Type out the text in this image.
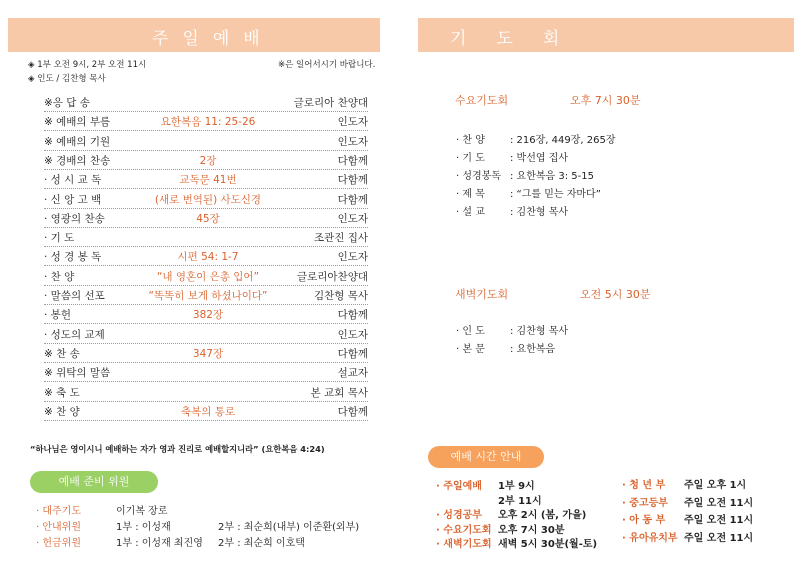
주일예배
◈ 1부 오전 9시, 2부 오전 11시
◈ 인도 / 김찬형 목사
※은 일어서시기 바랍니다.
※응 답 송	글로리아 찬양대
※ 예배의 부름	요한복음 11: 25-26	인도자
※ 예배의 기원	인도자
※ 경배의 찬송	2장	다함께
· 성 시 교 독	교독문 41번	다함께
· 신 앙 고 백	(새로 번역된) 사도신경	다함께
· 영광의 찬송	45장	인도자
· 기 도	조관진 집사
· 성 경 봉 독	시편 54: 1-7	인도자
· 찬 양	“내 영혼이 은총 입어”	글로리아찬양대
· 말씀의 선포	“똑똑히 보게 하셨나이다”	김찬형 목사
· 봉헌	382장	다함께
· 성도의 교제	인도자
※ 찬 송	347장	다함께
※ 위탁의 말씀	설교자
※ 축 도	본 교회 목사
※ 찬 양	축복의 통로	다함께
“하나님은 영이시니 예배하는 자가 영과 진리로 예배할지니라” (요한복음 4:24)
예배 준비 위원
· 대주기도	이기복 장로
· 안내위원	1부 : 이성재	2부 : 최순희(내부) 이준환(외부)
· 헌금위원	1부 : 이성재 최진영 2부 : 최순희 이호택
기도회
수요기도회	오후 7시 30분
· 찬 양	: 216장, 449장, 265장
· 기 도	: 박선엽 집사
· 성경봉독 : 요한복음 3: 5-15
· 제 목	: “그를 믿는 자마다”
· 설 교	: 김찬형 목사
새벽기도회	오전 5시 30분
· 인 도	: 김찬형 목사
· 본 문	: 요한복음
예배 시간 안내
· 주일예배 1부 9시
2부 11시
· 성경공부 오후 2시 (봄, 가을)
· 수요기도회 오후 7시 30분
· 새벽기도회 새벽 5시 30분(월-토)
· 청 년 부 주일 오후 1시
· 중고등부 주일 오전 11시
· 아 동 부 주일 오전 11시
· 유아유치부 주일 오전 11시
